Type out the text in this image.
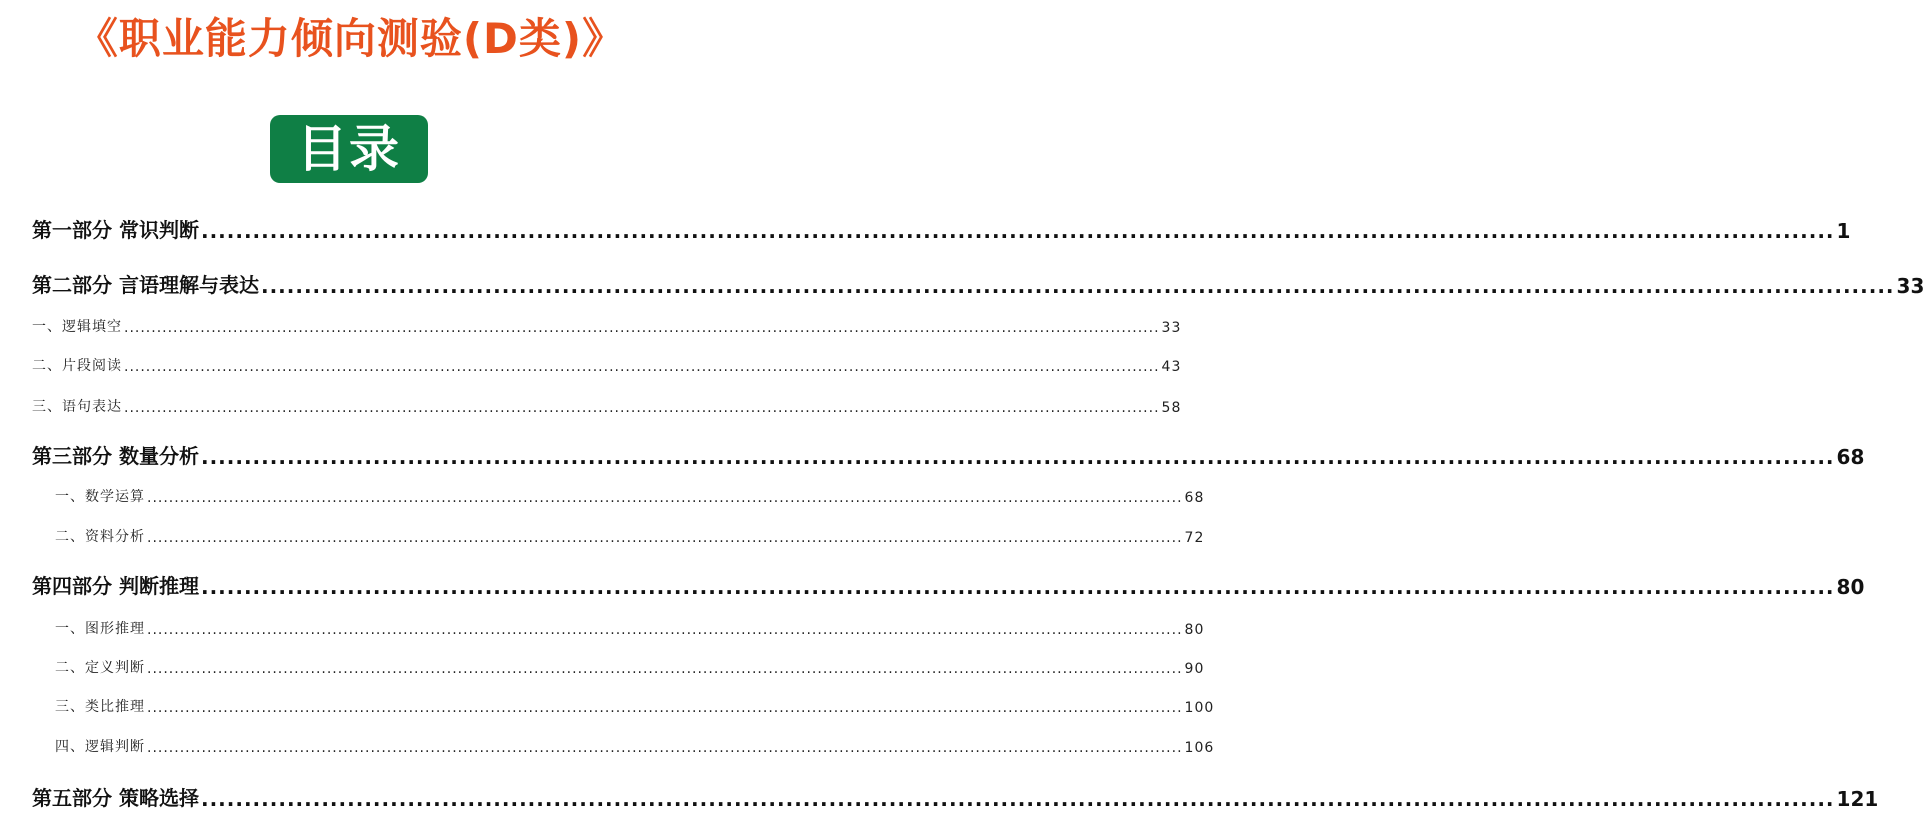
《职业能力倾向测验(D类)》
目录
第一部分 常识判断 .............................................................................................................................................................................................. 1
第二部分 言语理解与表达 .............................................................................................................................................................................................. 33
一、逻辑填空 .............................................................................................................................................................................................. 33
二、片段阅读 .............................................................................................................................................................................................. 43
三、语句表达 .............................................................................................................................................................................................. 58
第三部分 数量分析 .............................................................................................................................................................................................. 68
一、数学运算 .............................................................................................................................................................................................. 68
二、资料分析 .............................................................................................................................................................................................. 72
第四部分 判断推理 .............................................................................................................................................................................................. 80
一、图形推理 .............................................................................................................................................................................................. 80
二、定义判断 .............................................................................................................................................................................................. 90
三、类比推理 .............................................................................................................................................................................................. 100
四、逻辑判断 .............................................................................................................................................................................................. 106
第五部分 策略选择 .............................................................................................................................................................................................. 121
